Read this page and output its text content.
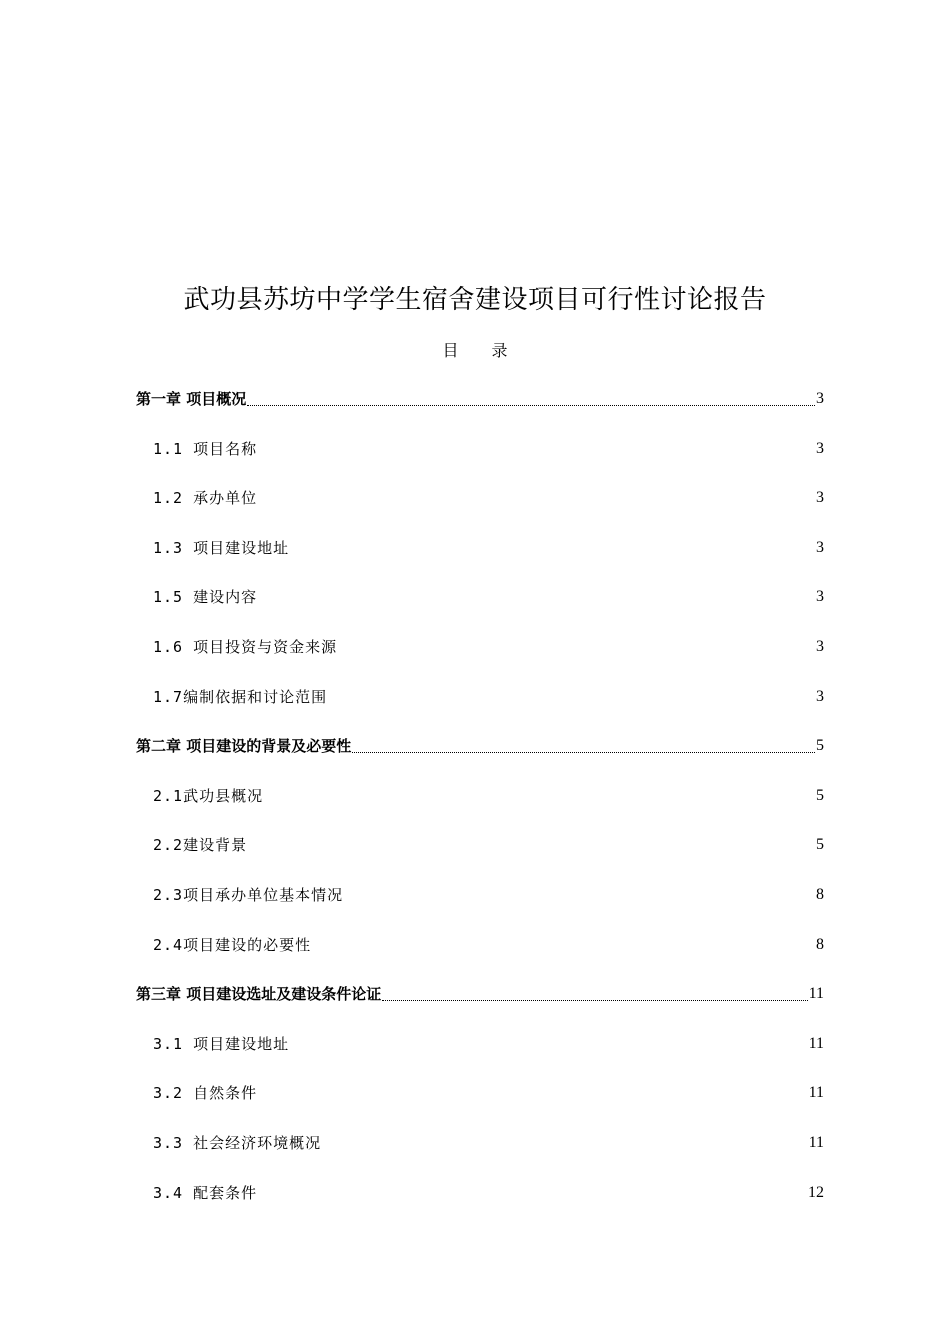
武功县苏坊中学学生宿舍建设项目可行性讨论报告
目 录
第一章 项目概况	3
1.1 项目名称	3
1.2 承办单位	3
1.3 项目建设地址	3
1.5 建设内容	3
1.6 项目投资与资金来源	3
1.7编制依据和讨论范围	3
第二章 项目建设的背景及必要性	5
2.1武功县概况	5
2.2建设背景	5
2.3项目承办单位基本情况	8
2.4项目建设的必要性	8
第三章 项目建设选址及建设条件论证	11
3.1 项目建设地址	11
3.2 自然条件	11
3.3 社会经济环境概况	11
3.4 配套条件	12
